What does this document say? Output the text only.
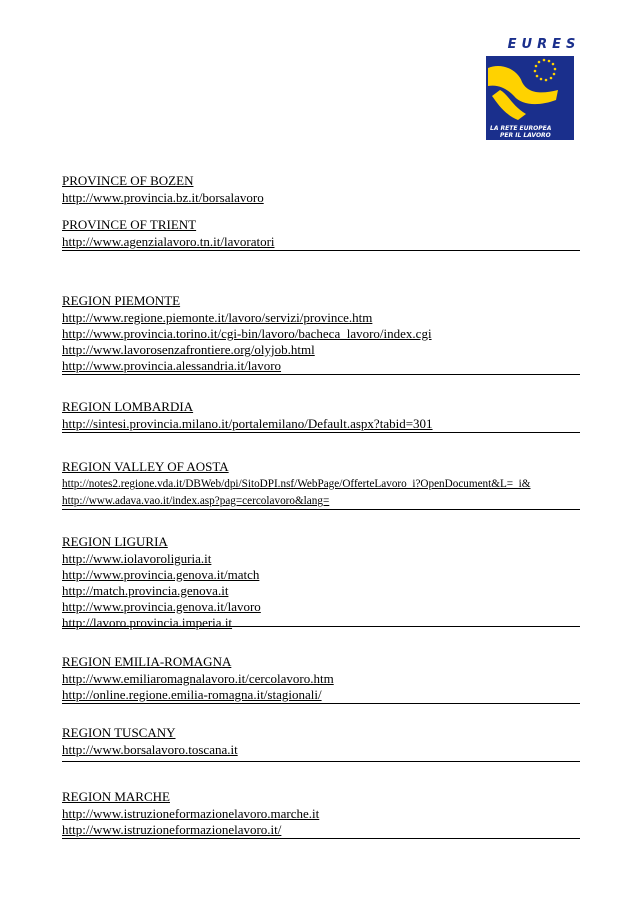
EURES
LA RETE EUROPEA
PER IL LAVORO
PROVINCE OF BOZEN
http://www.provincia.bz.it/borsalavoro
PROVINCE OF TRIENT
http://www.agenzialavoro.tn.it/lavoratori
REGION PIEMONTE
http://www.regione.piemonte.it/lavoro/servizi/province.htm
http://www.provincia.torino.it/cgi-bin/lavoro/bacheca_lavoro/index.cgi
http://www.lavorosenzafrontiere.org/olyjob.html
http://www.provincia.alessandria.it/lavoro
REGION LOMBARDIA
http://sintesi.provincia.milano.it/portalemilano/Default.aspx?tabid=301
REGION VALLEY OF AOSTA
http://notes2.regione.vda.it/DBWeb/dpi/SitoDPI.nsf/WebPage/OfferteLavoro_i?OpenDocument&L=_i&
http://www.adava.vao.it/index.asp?pag=cercolavoro&lang=
REGION LIGURIA
http://www.iolavoroliguria.it
http://www.provincia.genova.it/match
http://match.provincia.genova.it
http://www.provincia.genova.it/lavoro
http://lavoro.provincia.imperia.it
REGION EMILIA-ROMAGNA
http://www.emiliaromagnalavoro.it/cercolavoro.htm
http://online.regione.emilia-romagna.it/stagionali/
REGION TUSCANY
http://www.borsalavoro.toscana.it
REGION MARCHE
http://www.istruzioneformazionelavoro.marche.it
http://www.istruzioneformazionelavoro.it/
